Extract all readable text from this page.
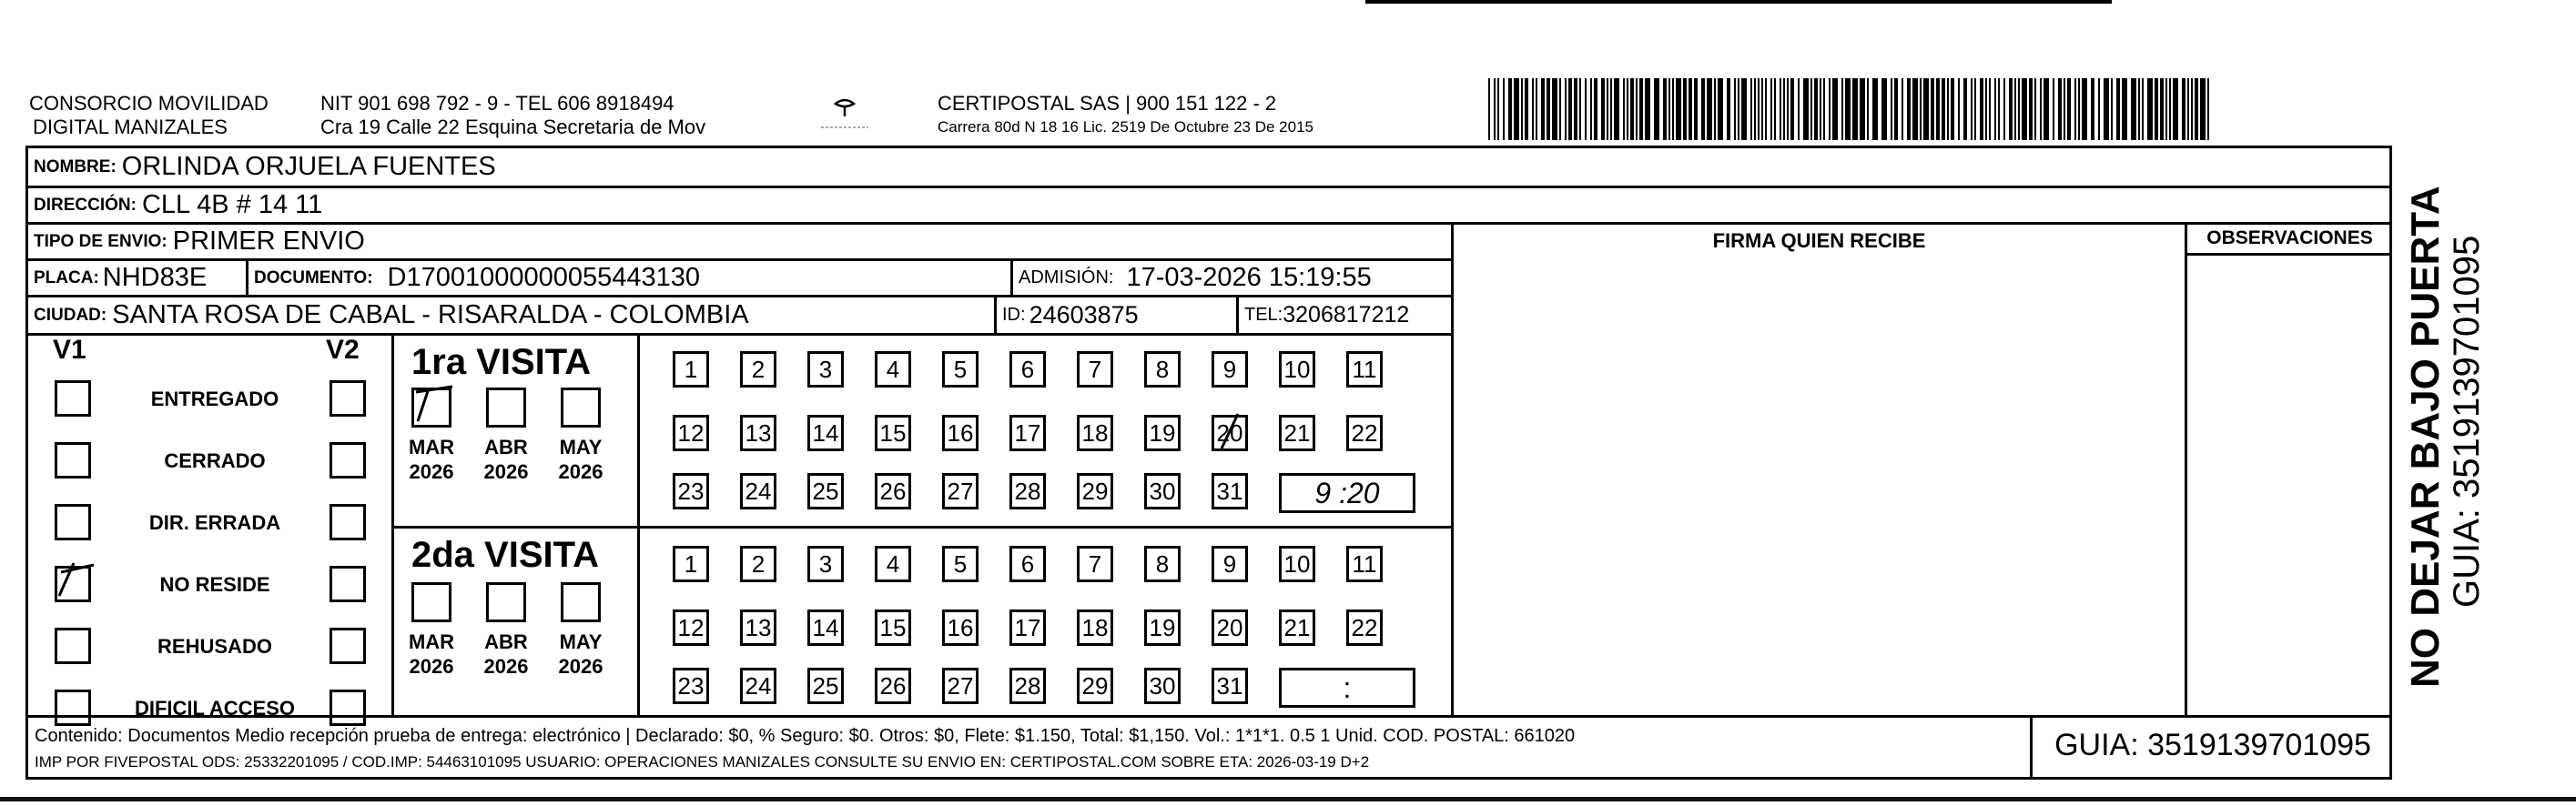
CONSORCIO MOVILIDAD
DIGITAL MANIZALES
NIT 901 698 792 - 9 - TEL 606 8918494
Cra 19 Calle 22 Esquina Secretaria de Mov
CERTIPOSTAL SAS | 900 151 122 - 2
Carrera 80d N 18 16 Lic. 2519 De Octubre 23 De 2015
NOMBRE: ORLINDA ORJUELA FUENTES
DIRECCIÓN: CLL 4B # 14 11
TIPO DE ENVIO: PRIMER ENVIO
PLACA: NHD83E	DOCUMENTO: D17001000000055443130	ADMISIÓN: 17-03-2026 15:19:55
CIUDAD: SANTA ROSA DE CABAL - RISARALDA - COLOMBIA	ID: 24603875	TEL: 3206817212
FIRMA QUIEN RECIBE	OBSERVACIONES
V1	V2
ENTREGADO
CERRADO
DIR. ERRADA
NO RESIDE
REHUSADO
DIFICIL ACCESO
1ra VISITA
2da VISITA
MAR
2026
ABR
2026
MAY
2026
1 2 3 4 5 6 7 8 9 10 11
12 13 14 15 16 17 18 19 20 21 22
23 24 25 26 27 28 29 30 31 9 :20
MAR
2026
ABR
2026
MAY
2026
1 2 3 4 5 6 7 8 9 10 11
12 13 14 15 16 17 18 19 20 21 22
23 24 25 26 27 28 29 30 31	:
Contenido: Documentos Medio recepción prueba de entrega: electrónico | Declarado: $0, % Seguro: $0. Otros: $0, Flete: $1.150, Total: $1,150. Vol.: 1*1*1. 0.5 1 Unid. COD. POSTAL: 661020
IMP POR FIVEPOSTAL ODS: 25332201095 / COD.IMP: 54463101095 USUARIO: OPERACIONES MANIZALES CONSULTE SU ENVIO EN: CERTIPOSTAL.COM SOBRE ETA: 2026-03-19 D+2	GUIA: 3519139701095
NO DEJAR BAJO PUERTA GUIA: 3519139701095
